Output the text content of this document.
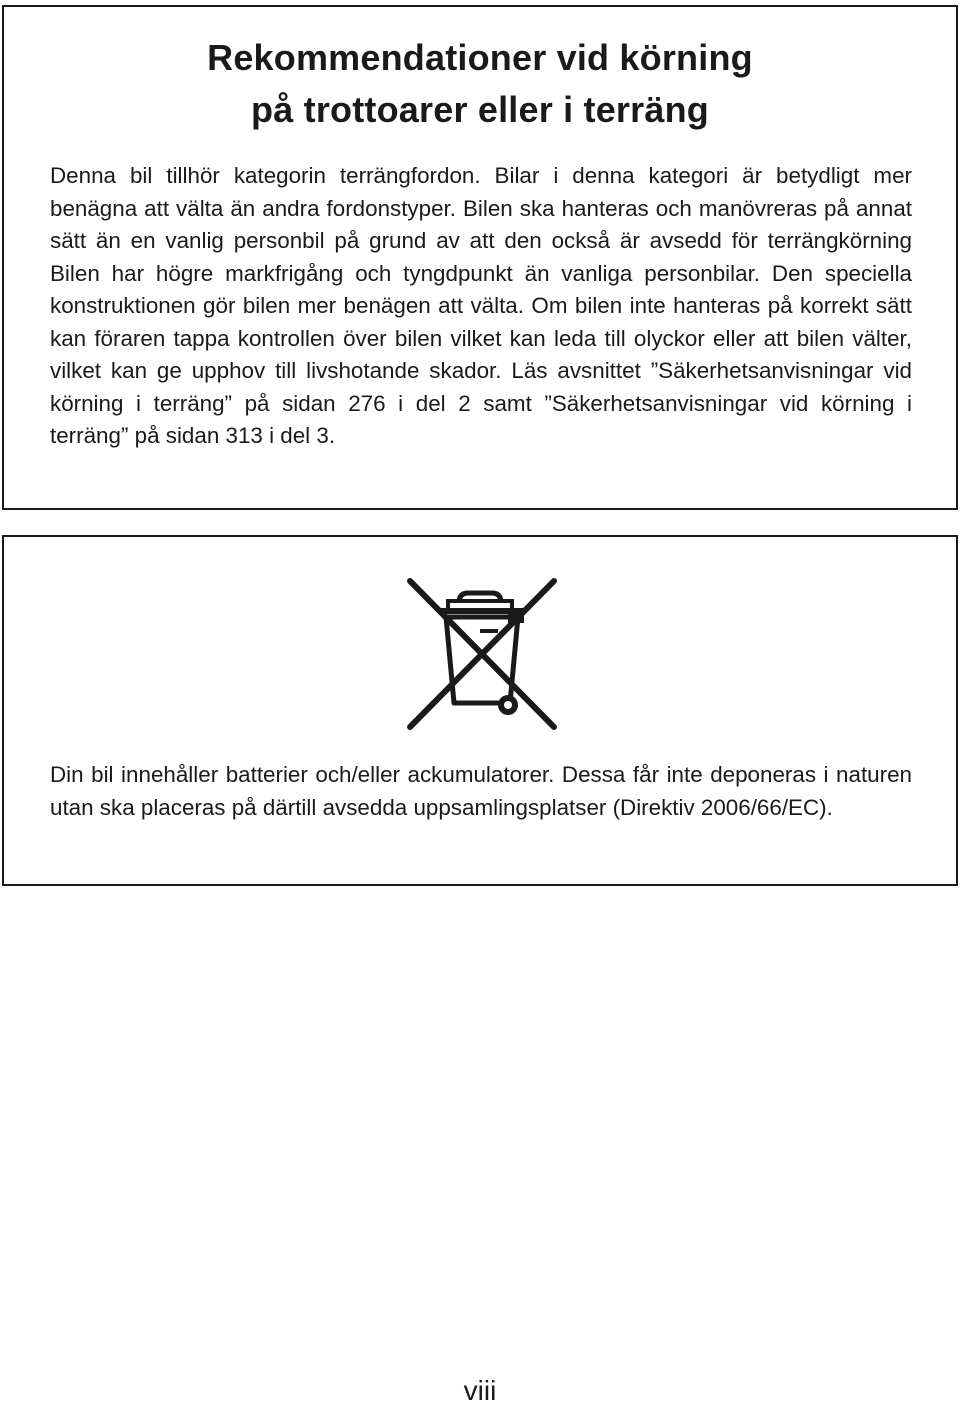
Rekommendationer vid körning
på trottoarer eller i terräng

Denna bil tillhör kategorin terrängfordon. Bilar i denna kategori är betydligt mer benägna att välta än andra fordonstyper. Bilen ska hanteras och manövreras på annat sätt än en vanlig personbil på grund av att den också är avsedd för terrängkörning Bilen har högre markfrigång och tyngdpunkt än vanliga personbilar. Den speciella konstruktionen gör bilen mer benägen att välta. Om bilen inte hanteras på korrekt sätt kan föraren tappa kontrollen över bilen vilket kan leda till olyckor eller att bilen välter, vilket kan ge upphov till livshotande skador. Läs avsnittet ”Säkerhetsanvisningar vid körning i terräng” på sidan 276 i del 2 samt ”Säkerhetsanvisningar vid körning i terräng” på sidan 313 i del 3.

Din bil innehåller batterier och/eller ackumulatorer. Dessa får inte deponeras i naturen utan ska placeras på därtill avsedda uppsamlingsplatser (Direktiv 2006/66/EC).

viii
